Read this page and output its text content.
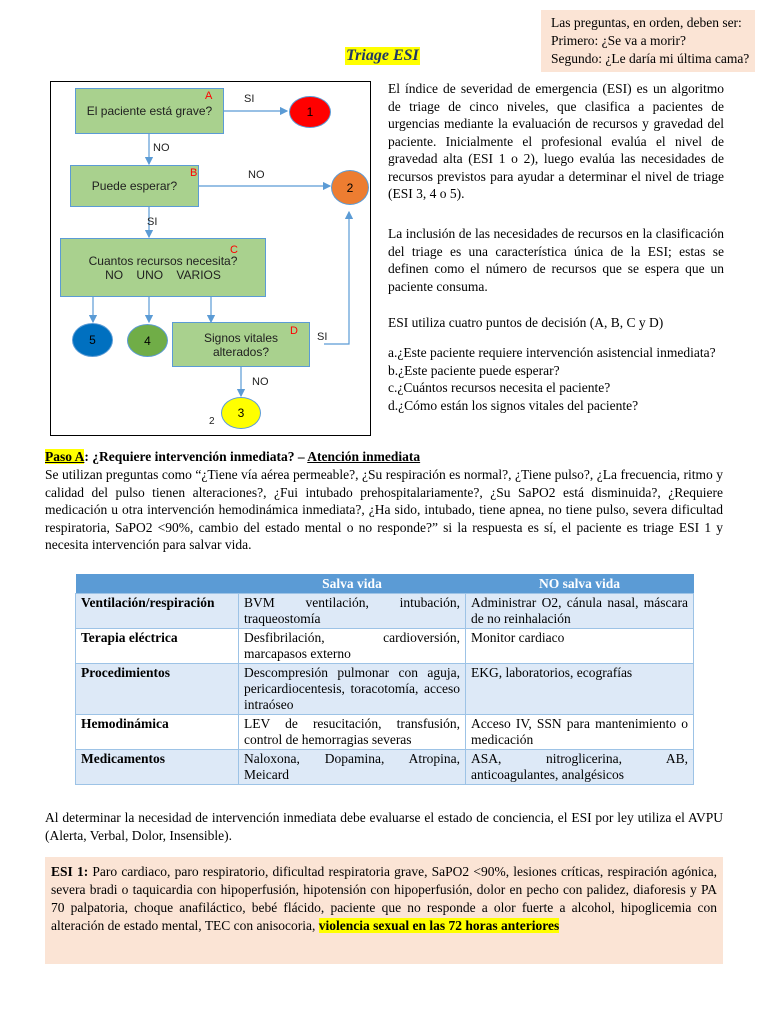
Las preguntas, en orden, deben ser:
Primero: ¿Se va a morir?
Segundo: ¿Le daría mi última cama?
Triage ESI
El paciente está grave?
A
Puede esperar?
B
Cuantos recursos necesita?
NO    UNO    VARIOS
C
Signos vitales
alterados?
D
SI
NO
NO
SI
SI
NO
2
1
2
5	4
3

El índice de severidad de emergencia (ESI) es un algoritmo de triage de cinco niveles, que clasifica a pacientes de urgencias mediante la evaluación de recursos y gravedad del paciente. Inicialmente el profesional evalúa el nivel de gravedad alta (ESI 1 o 2), luego evalúa las necesidades de recursos previstos para ayudar a determinar el nivel de triage (ESI 3, 4 o 5).

La inclusión de las necesidades de recursos en la clasificación del triage es una característica única de la ESI; estas se definen como el número de recursos que se espera que un paciente consuma.

ESI utiliza cuatro puntos de decisión (A, B, C y D)

a.¿Este paciente requiere intervención asistencial inmediata?
b.¿Este paciente puede esperar?
c.¿Cuántos recursos necesita el paciente?
d.¿Cómo están los signos vitales del paciente?
Paso A: ¿Requiere intervención inmediata? – Atención inmediata

Se utilizan preguntas como “¿Tiene vía aérea permeable?, ¿Su respiración es normal?, ¿Tiene pulso?, ¿La frecuencia, ritmo y calidad del pulso tienen alteraciones?, ¿Fui intubado prehospitalariamente?, ¿Su SaPO2 está disminuida?, ¿Requiere medicación u otra intervención hemodinámica inmediata?, ¿Ha sido, intubado, tiene apnea, no tiene pulso, severa dificultad respiratoria, SaPO2 <90%, cambio del estado mental o no responde?” si la respuesta es sí, el paciente es triage ESI 1 y necesita intervención para salvar vida.

	Salva vida	NO salva vida
Ventilación/respiración	BVM ventilación, intubación, traqueostomía	Administrar O2, cánula nasal, máscara de no reinhalación
Terapia eléctrica	Desfibrilación, cardioversión, marcapasos externo	Monitor cardiaco
Procedimientos	Descompresión pulmonar con aguja, pericardiocentesis, toracotomía, acceso intraóseo	EKG, laboratorios, ecografías
Hemodinámica	LEV de resucitación, transfusión, control de hemorragias severas	Acceso IV, SSN para mantenimiento o medicación
Medicamentos	Naloxona, Dopamina, Atropina, Meicard	ASA, nitroglicerina, AB, anticoagulantes, analgésicos

Al determinar la necesidad de intervención inmediata debe evaluarse el estado de conciencia, el ESI por ley utiliza el AVPU (Alerta, Verbal, Dolor, Insensible).

ESI 1: Paro cardiaco, paro respiratorio, dificultad respiratoria grave, SaPO2 <90%, lesiones críticas, respiración agónica, severa bradi o taquicardia con hipoperfusión, hipotensión con hipoperfusión, dolor en pecho con palidez, diaforesis y PA 70 palpatoria, choque anafiláctico, bebé flácido, paciente que no responde a olor fuerte a alcohol, hipoglicemia con alteración de estado mental, TEC con anisocoria, violencia sexual en las 72 horas anteriores
